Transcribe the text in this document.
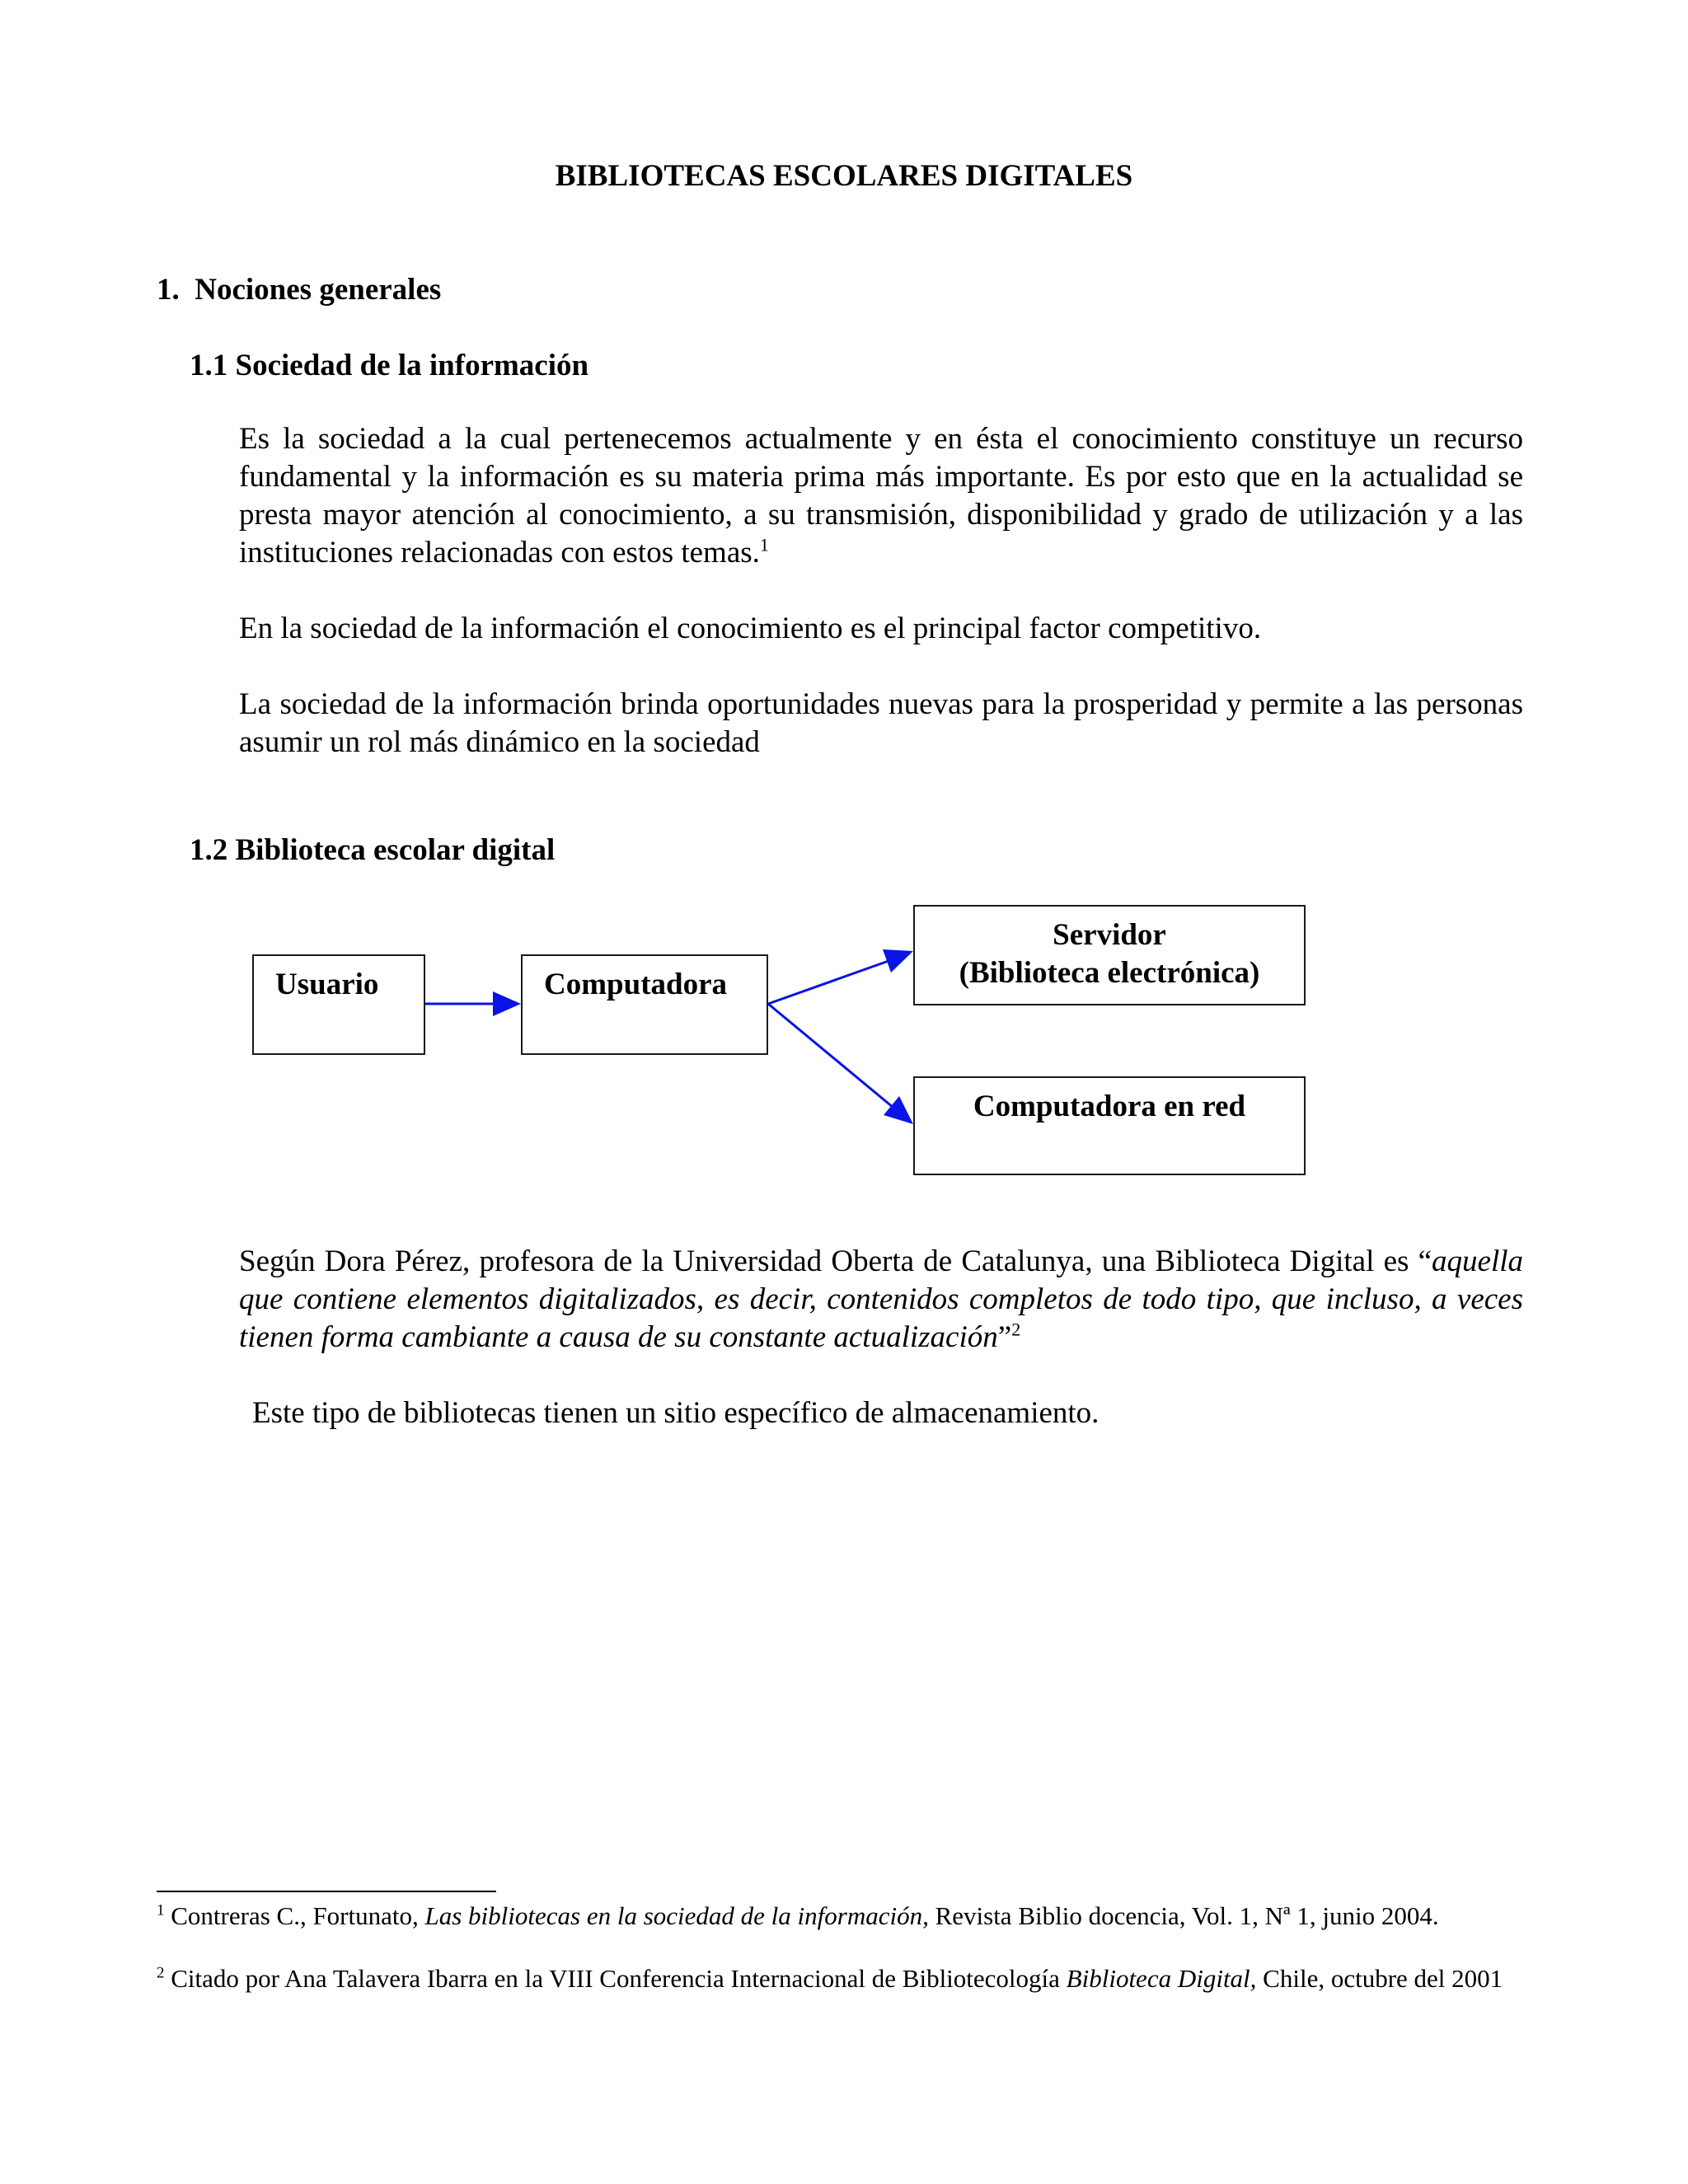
BIBLIOTECAS ESCOLARES DIGITALES
1. Nociones generales
1.1 Sociedad de la información

Es la sociedad a la cual pertenecemos actualmente y en ésta el conocimiento constituye un recurso fundamental y la información es su materia prima más importante. Es por esto que en la actualidad se presta mayor atención al conocimiento, a su transmisión, disponibilidad y grado de utilización y a las instituciones relacionadas con estos temas.$^1$

En la sociedad de la información el conocimiento es el principal factor competitivo.

La sociedad de la información brinda oportunidades nuevas para la prosperidad y permite a las personas asumir un rol más dinámico en la sociedad

1.2 Biblioteca escolar digital
Usuario	Computadora
Servidor
(Biblioteca electrónica)
Computadora en red

Según Dora Pérez, profesora de la Universidad Oberta de Catalunya, una Biblioteca Digital es “aquella que contiene elementos digitalizados, es decir, contenidos completos de todo tipo, que incluso, a veces tienen forma cambiante a causa de su constante actualización”$^2$

Este tipo de bibliotecas tienen un sitio específico de almacenamiento.

$^1$ Contreras C., Fortunato, Las bibliotecas en la sociedad de la información, Revista Biblio docencia, Vol. 1, Nª 1, junio 2004.

$^2$ Citado por Ana Talavera Ibarra en la VIII Conferencia Internacional de Bibliotecología Biblioteca Digital, Chile, octubre del 2001
